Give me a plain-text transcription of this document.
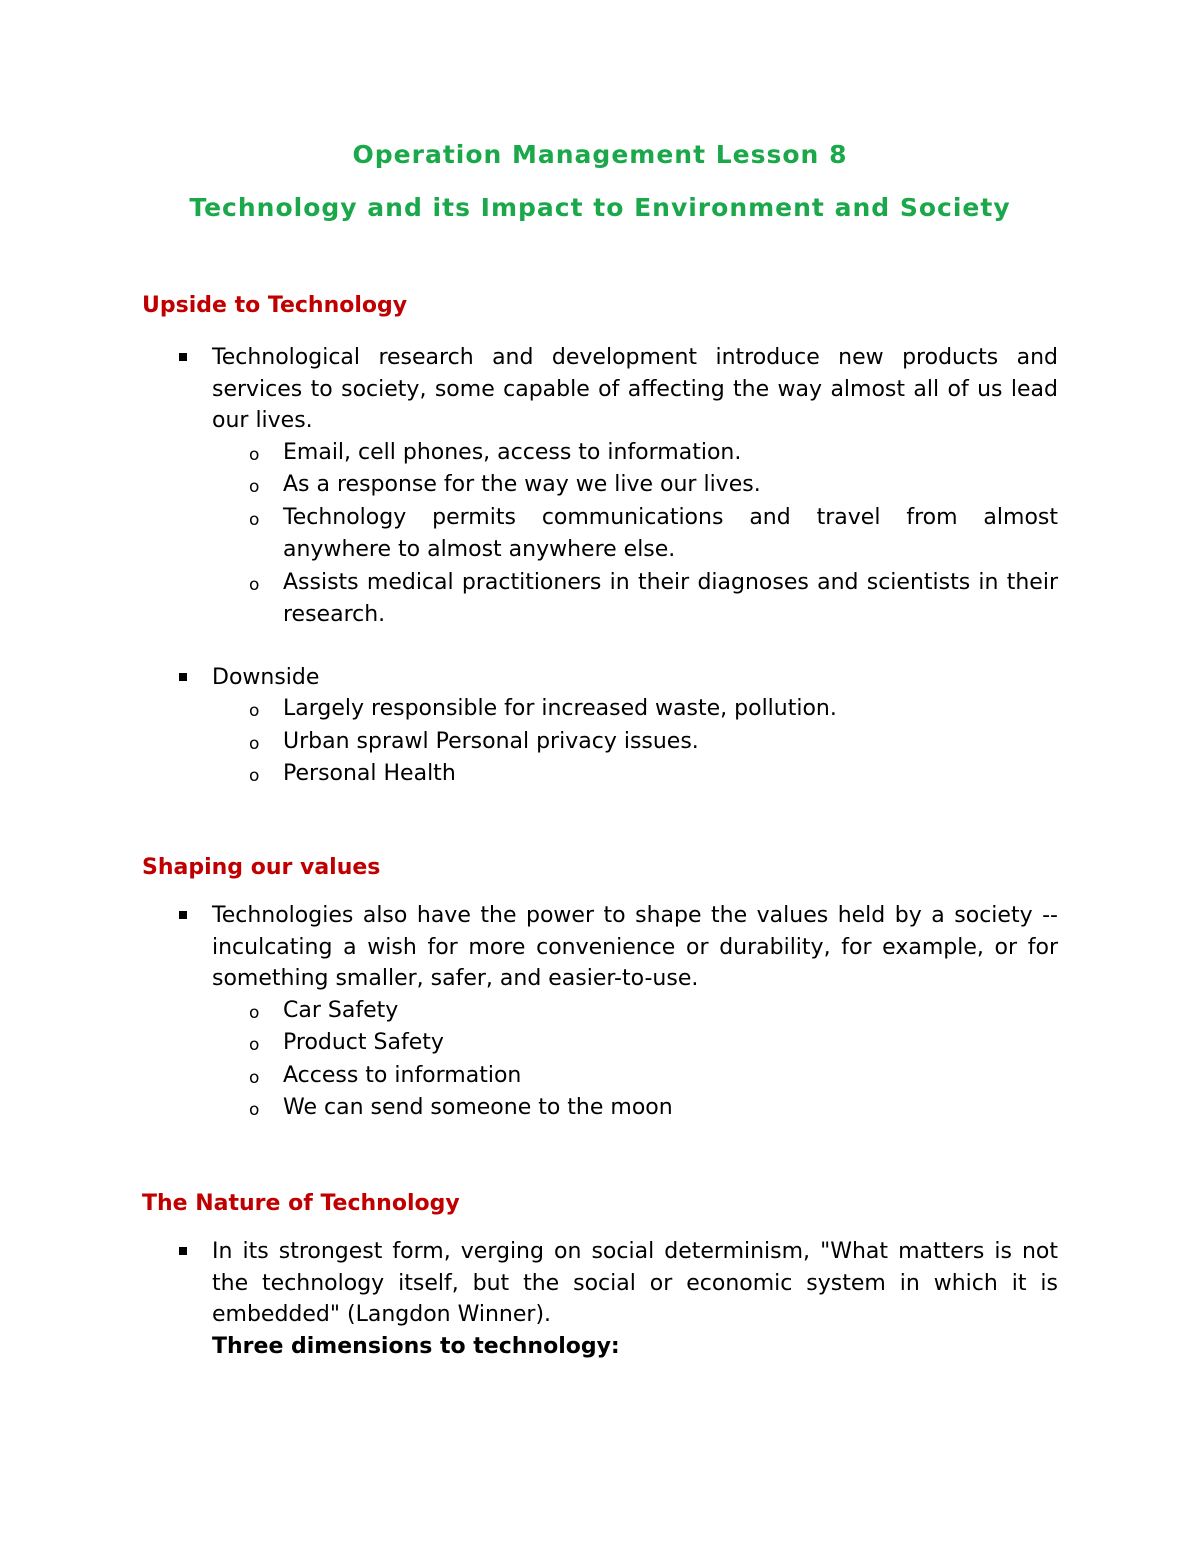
Operation Management Lesson 8
Technology and its Impact to Environment and Society
Upside to Technology
Technological research and development introduce new products and services to society, some capable of affecting the way almost all of us lead our lives.
o Email, cell phones, access to information.
o As a response for the way we live our lives.
o Technology permits communications and travel from almost anywhere to almost anywhere else.
o Assists medical practitioners in their diagnoses and scientists in their research.
Downside
o Largely responsible for increased waste, pollution.
o Urban sprawl Personal privacy issues.
o Personal Health
Shaping our values
Technologies also have the power to shape the values held by a society -- inculcating a wish for more convenience or durability, for example, or for something smaller, safer, and easier-to-use.
o Car Safety
o Product Safety
o Access to information
o We can send someone to the moon
The Nature of Technology
In its strongest form, verging on social determinism, "What matters is not the technology itself, but the social or economic system in which it is embedded" (Langdon Winner).
Three dimensions to technology:
